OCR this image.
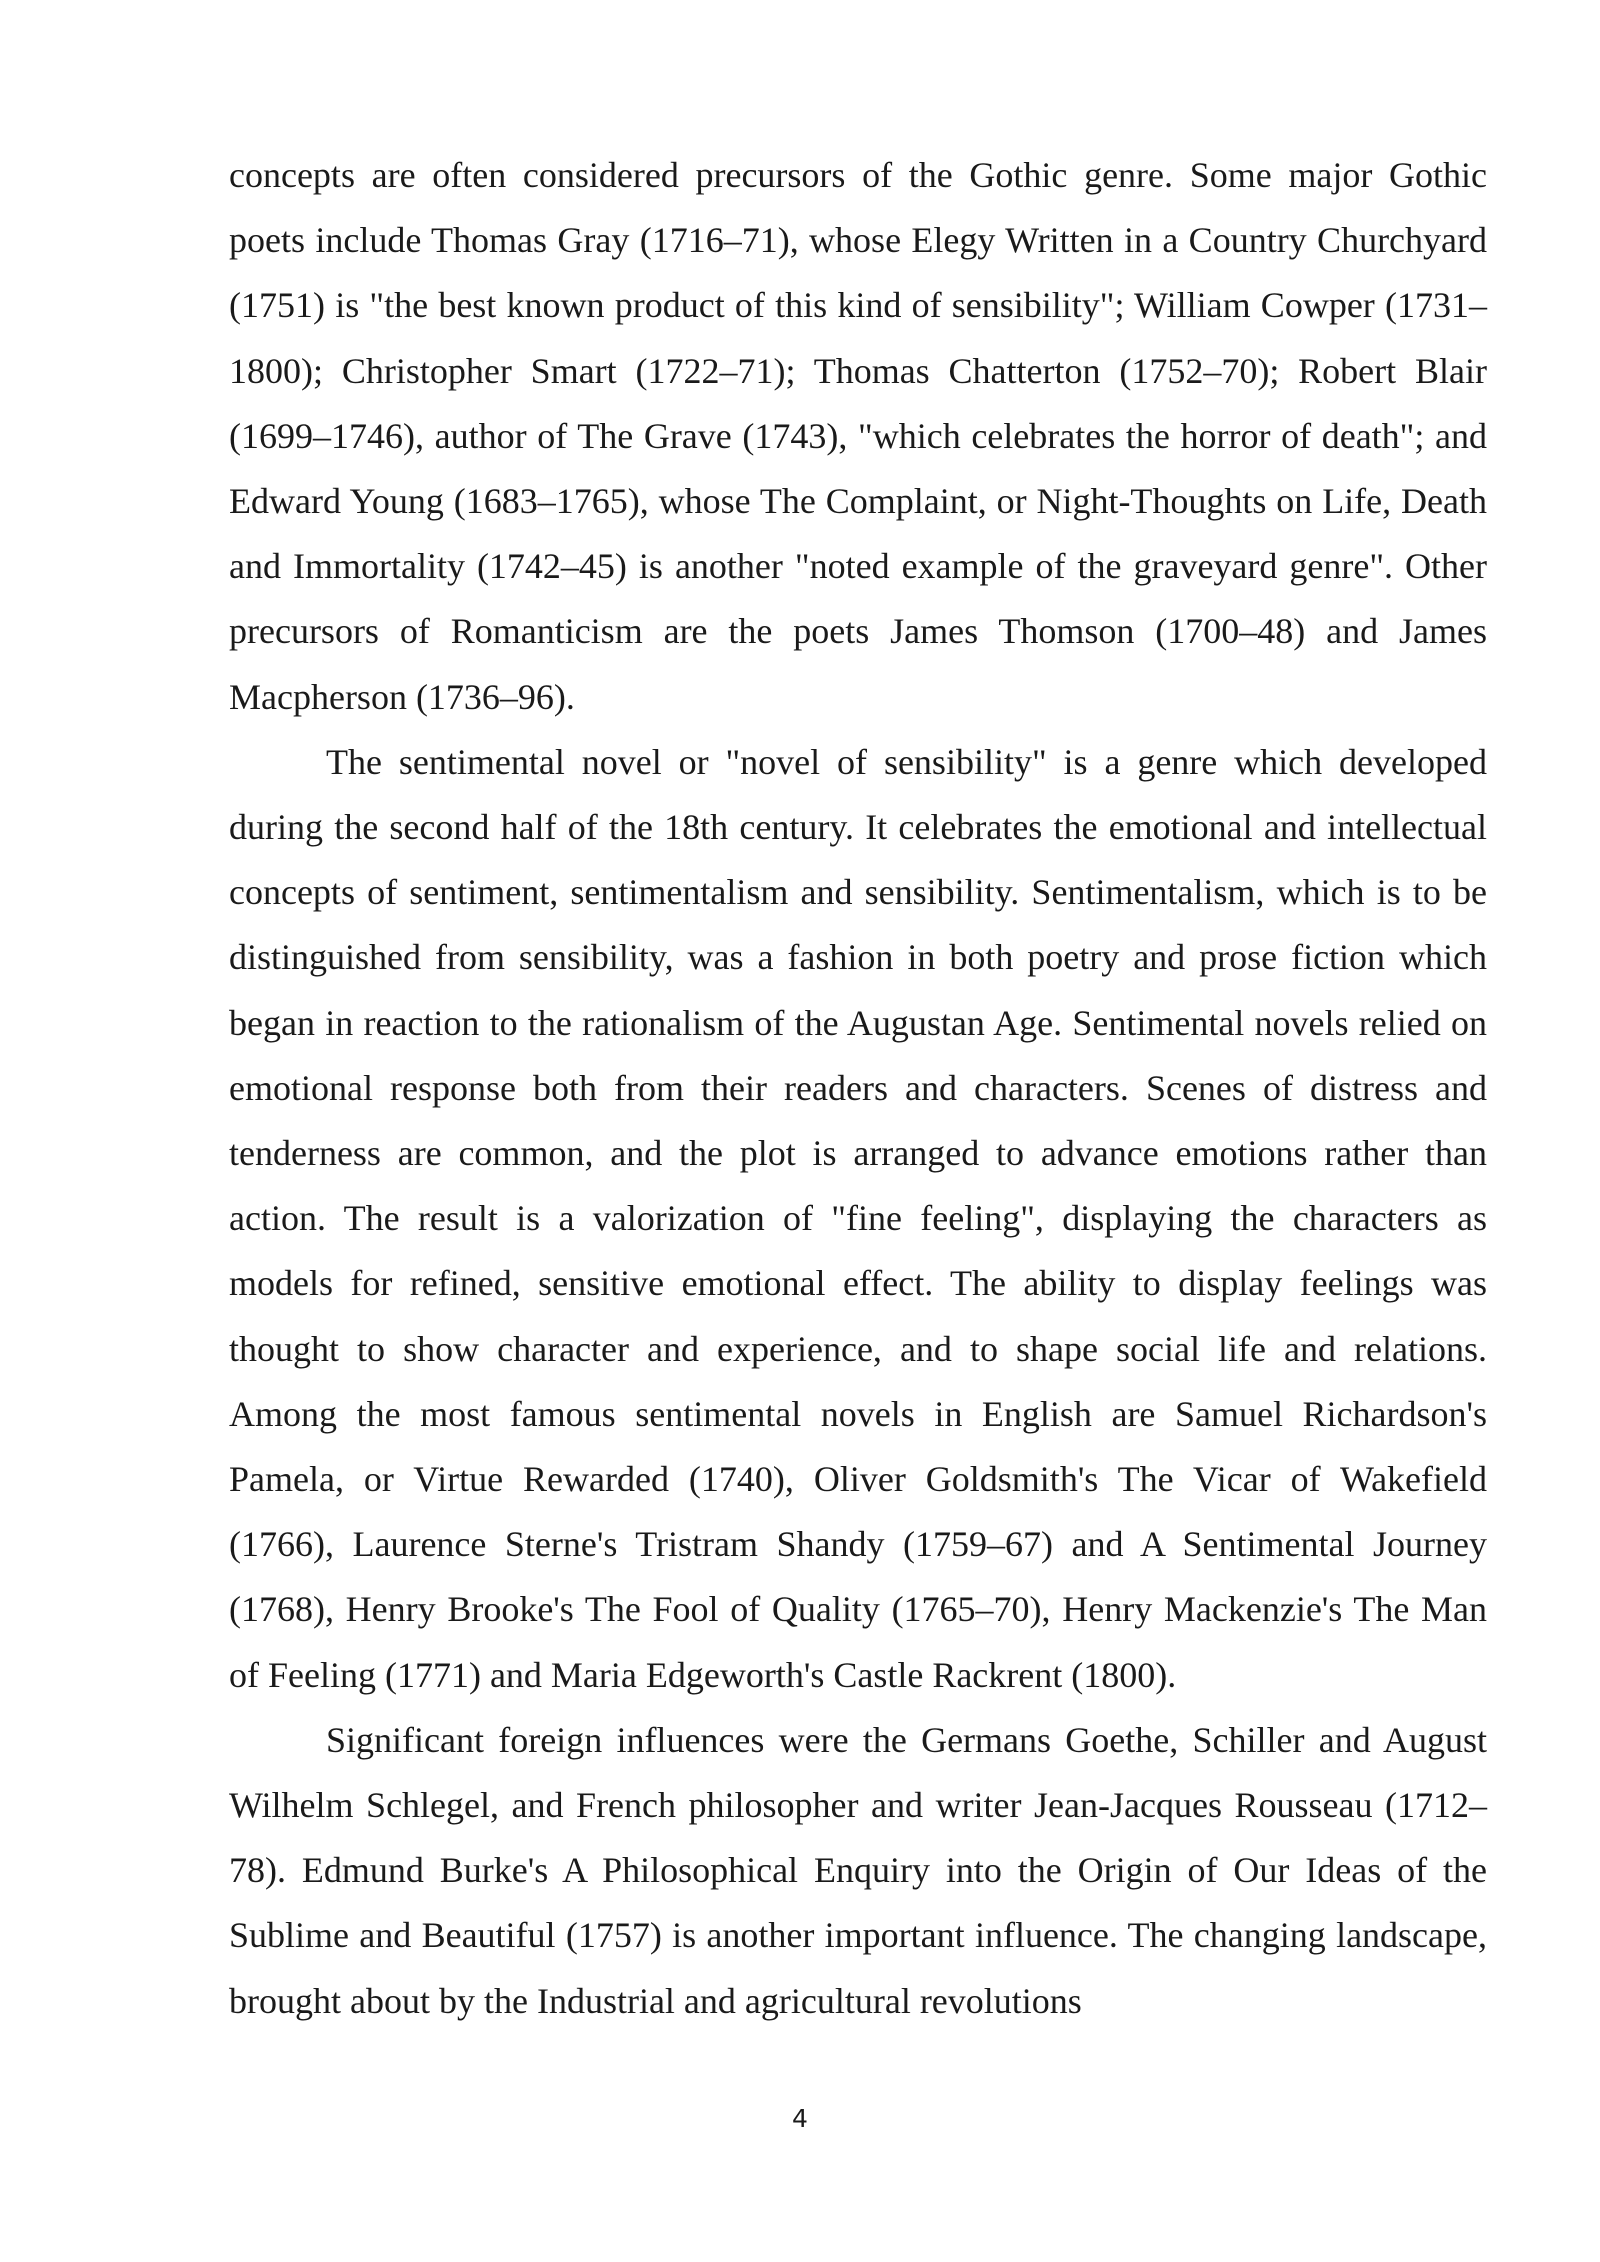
concepts are often considered precursors of the Gothic genre. Some major Gothic poets include Thomas Gray (1716–71), whose Elegy Written in a Country Churchyard (1751) is "the best known product of this kind of sensibility"; William Cowper (1731–1800); Christopher Smart (1722–71); Thomas Chatterton (1752–70); Robert Blair (1699–1746), author of The Grave (1743), "which celebrates the horror of death"; and Edward Young (1683–1765), whose The Complaint, or Night-Thoughts on Life, Death and Immortality (1742–45) is another "noted example of the graveyard genre". Other precursors of Romanticism are the poets James Thomson (1700–48) and James Macpherson (1736–96).

The sentimental novel or "novel of sensibility" is a genre which developed during the second half of the 18th century. It celebrates the emotional and intellectual concepts of sentiment, sentimentalism and sensibility. Sentimentalism, which is to be distinguished from sensibility, was a fashion in both poetry and prose fiction which began in reaction to the rationalism of the Augustan Age. Sentimental novels relied on emotional response both from their readers and characters. Scenes of distress and tenderness are common, and the plot is arranged to advance emotions rather than action. The result is a valorization of "fine feeling", displaying the characters as models for refined, sensitive emotional effect. The ability to display feelings was thought to show character and experience, and to shape social life and relations. Among the most famous sentimental novels in English are Samuel Richardson's Pamela, or Virtue Rewarded (1740), Oliver Goldsmith's The Vicar of Wakefield (1766), Laurence Sterne's Tristram Shandy (1759–67) and A Sentimental Journey (1768), Henry Brooke's The Fool of Quality (1765–70), Henry Mackenzie's The Man of Feeling (1771) and Maria Edgeworth's Castle Rackrent (1800).

Significant foreign influences were the Germans Goethe, Schiller and August Wilhelm Schlegel, and French philosopher and writer Jean-Jacques Rousseau (1712–78). Edmund Burke's A Philosophical Enquiry into the Origin of Our Ideas of the Sublime and Beautiful (1757) is another important influence. The changing landscape, brought about by the Industrial and agricultural revolutions

4
